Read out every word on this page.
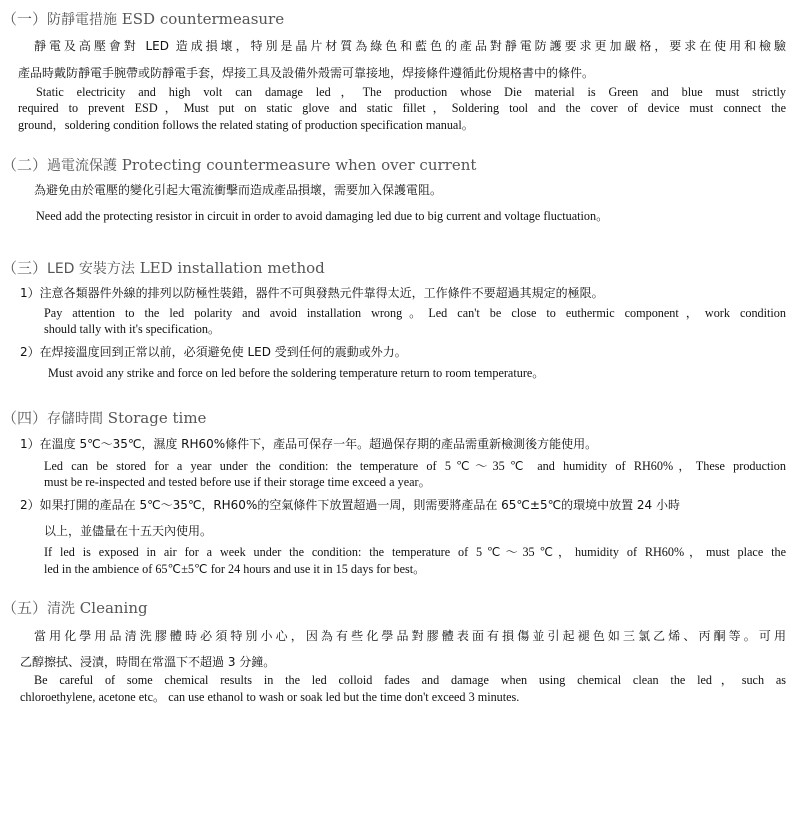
（一）防靜電措施 ESD countermeasure
靜電及高壓會對 LED 造成損壞，特別是晶片材質為綠色和藍色的產品對靜電防護要求更加嚴格，要求在使用和檢驗
產品時戴防靜電手腕帶或防靜電手套，焊接工具及設備外殼需可靠接地，焊接條件遵循此份規格書中的條件。
Static electricity and high volt can damage led，The production whose Die material is Green and blue must strictly
required to prevent ESD，Must put on static glove and static fillet，Soldering tool and the cover of device must connect the
ground，soldering condition follows the related stating of production specification manual。
（二）過電流保護 Protecting countermeasure when over current
為避免由於電壓的變化引起大電流衝擊而造成產品損壞，需要加入保護電阻。
Need add the protecting resistor in circuit in order to avoid damaging led due to big current and voltage fluctuation。
（三）LED 安裝方法 LED installation method
1）注意各類器件外線的排列以防極性裝錯，器件不可與發熱元件靠得太近，工作條件不要超過其規定的極限。
Pay attention to the led polarity and avoid installation wrong。Led can't be close to euthermic component，work condition
should tally with it's specification。
2）在焊接溫度回到正常以前，必須避免使 LED 受到任何的震動或外力。
Must avoid any strike and force on led before the soldering temperature return to room temperature。
（四）存儲時間 Storage time
1）在溫度 5℃～35℃，濕度 RH60%條件下，產品可保存一年。超過保存期的產品需重新檢測後方能使用。
Led can be stored for a year under the condition: the temperature of 5℃～35℃ and humidity of RH60%，These production
must be re-inspected and tested before use if their storage time exceed a year。
2）如果打開的產品在 5℃～35℃，RH60%的空氣條件下放置超過一周，則需要將產品在 65℃±5℃的環境中放置 24 小時
以上，並儘量在十五天內使用。
If led is exposed in air for a week under the condition: the temperature of 5℃～35℃，humidity of RH60%，must place the
led in the ambience of 65℃±5℃ for 24 hours and use it in 15 days for best。
（五）清洗 Cleaning
當用化學用品清洗膠體時必須特別小心，因為有些化學品對膠體表面有損傷並引起褪色如三氯乙烯、丙酮等。可用
乙醇擦拭、浸漬，時間在常溫下不超過 3 分鐘。
Be careful of some chemical results in the led colloid fades and damage when using chemical clean the led，such as
chloroethylene, acetone etc。 can use ethanol to wash or soak led but the time don't exceed 3 minutes.
